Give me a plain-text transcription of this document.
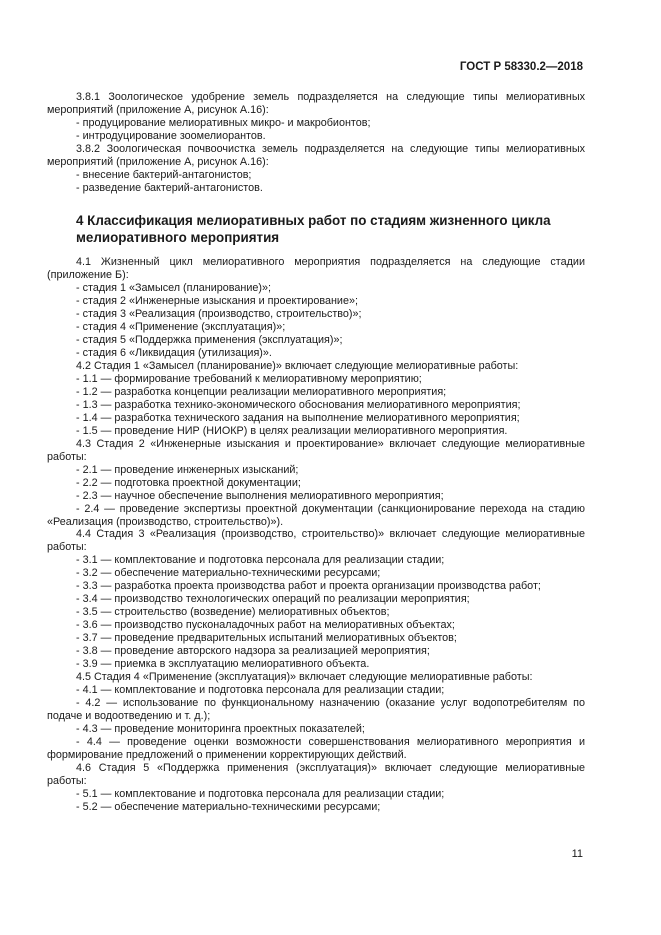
ГОСТ Р 58330.2—2018

3.8.1 Зоологическое удобрение земель подразделяется на следующие типы мелиоративных мероприятий (приложение А, рисунок А.16):

- продуцирование мелиоративных микро- и макробионтов;

- интродуцирование зоомелиорантов.

3.8.2 Зоологическая почвоочистка земель подразделяется на следующие типы мелиоративных мероприятий (приложение А, рисунок А.16):

- внесение бактерий-антагонистов;

- разведение бактерий-антагонистов.

4 Классификация мелиоративных работ по стадиям жизненного цикла мелиоративного мероприятия

4.1 Жизненный цикл мелиоративного мероприятия подразделяется на следующие стадии (приложение Б):

- стадия 1 «Замысел (планирование)»;

- стадия 2 «Инженерные изыскания и проектирование»;

- стадия 3 «Реализация (производство, строительство)»;

- стадия 4 «Применение (эксплуатация)»;

- стадия 5 «Поддержка применения (эксплуатация)»;

- стадия 6 «Ликвидация (утилизация)».

4.2 Стадия 1 «Замысел (планирование)» включает следующие мелиоративные работы:

- 1.1 — формирование требований к мелиоративному мероприятию;

- 1.2 — разработка концепции реализации мелиоративного мероприятия;

- 1.3 — разработка технико-экономического обоснования мелиоративного мероприятия;

- 1.4 — разработка технического задания на выполнение мелиоративного мероприятия;

- 1.5 — проведение НИР (НИОКР) в целях реализации мелиоративного мероприятия.

4.3 Стадия 2 «Инженерные изыскания и проектирование» включает следующие мелиоративные работы:

- 2.1 — проведение инженерных изысканий;

- 2.2 — подготовка проектной документации;

- 2.3 — научное обеспечение выполнения мелиоративного мероприятия;

- 2.4 — проведение экспертизы проектной документации (санкционирование перехода на стадию «Реализация (производство, строительство)»).

4.4 Стадия 3 «Реализация (производство, строительство)» включает следующие мелиоративные работы:

- 3.1 — комплектование и подготовка персонала для реализации стадии;

- 3.2 — обеспечение материально-техническими ресурсами;

- 3.3 — разработка проекта производства работ и проекта организации производства работ;

- 3.4 — производство технологических операций по реализации мероприятия;

- 3.5 — строительство (возведение) мелиоративных объектов;

- 3.6 — производство пусконаладочных работ на мелиоративных объектах;

- 3.7 — проведение предварительных испытаний мелиоративных объектов;

- 3.8 — проведение авторского надзора за реализацией мероприятия;

- 3.9 — приемка в эксплуатацию мелиоративного объекта.

4.5 Стадия 4 «Применение (эксплуатация)» включает следующие мелиоративные работы:

- 4.1 — комплектование и подготовка персонала для реализации стадии;

- 4.2 — использование по функциональному назначению (оказание услуг водопотребителям по подаче и водоотведению и т. д.);

- 4.3 — проведение мониторинга проектных показателей;

- 4.4 — проведение оценки возможности совершенствования мелиоративного мероприятия и формирование предложений о применении корректирующих действий.

4.6 Стадия 5 «Поддержка применения (эксплуатация)» включает следующие мелиоративные работы:

- 5.1 — комплектование и подготовка персонала для реализации стадии;

- 5.2 — обеспечение материально-техническими ресурсами;

11
